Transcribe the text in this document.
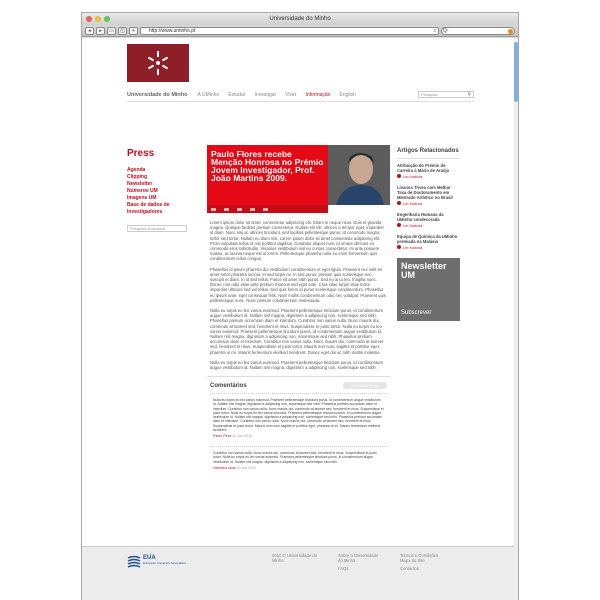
Universidade do Minho
◂	▸	▭	◫	+	http://www.uminho.pt	c Q-
Universidade do Minho A UMinho Estudar Investigar Viver Informação English	Pesquisa	⚲
Press
Agenda
Clipping
Newsletter
Números UM
Imagens UM
Base de dados de Investigadores
Pesquisa Avançada
Paulo Flores recebe Menção Honrosa no Prémio Jovem Investigador, Prof. João Martins 2009.

Lorem ipsum dolor sit amet, consectetur adipiscing elit. Etiam in neque risus. Duis et gravida magna. Quisque facilisis pretium consectetur. Nullam elit elit, ultrices a tempor eget, imperdiet id diam. Nunc nisi ac ultrices tincidunt, sed facilisis pellentesque purus. Id commodo magna tortor sed tortor. Nullam eu diam nisi. Lorem ipsum dolor sit amet consectetur adipiscing elit. Proin vulputate tellus id nisi porttitor dapibus. Curabitur aliquet nunc id ornare ultricies eu commodo eros sollicitudin. Vivamus vestibulum nisl eu cursus consectetur, mi ante posuere massa, ac lacinia neque est ut lorem. Pellentesque pharetra nulla eu enim fermentum quis condimentum tellus congue.

Phasellus id ipsum pharetra dui vestibulum condimentum et eget ligula. Praesent nec velit sit amet tortor pharetra lacinia. In sed turpis mi. In sed purus, pretium quis scelerisque nec, suscipit et diam. In id sed tellus. Fusce sit amet nibh purus. Sed eu arcu leo, fringilla nunc. Donec non odio vitae ante pretium rhoncus sed eget ante. Cras vitae turpis vitae tortor imperdiet ultricies sed vel tellus. Sed quis lorem id purus scelerisque condimentum. Phasellus eu ipsum ante, eget consequat felis. Nam mollis condimentum odio nec volutpat. Praesent quis pellentesque nunc. Nunc pretium condimentum malesuada.

Nulla eu turpis eu leo varius euismod. Praesent pellentesque tincidunt purus, id condimentum augue vestibulum id. Nullam nisl magna, dignissim a adipiscing non, scelerisque sed nibh. Phasellus pretium accumsan diam et interdum. Curabitur non varius nulla. Nunc mauris dui, commodo at laoreet sed, hendrerit et risus. Suspendisse et justo tortor. Nulla eu turpis eu leo varius euismod. Praesent pellentesque tincidunt purus, id condimentum augue vestibulum id. Nullam nisl magna, dignissim a adipiscing non, scelerisque sed nibh. Phasellus pretium accumsan diam et interdum. Curabitur non varius nulla. Nunc mauris dui, commodo at laoreet sed, hendrerit et risus. Suspendisse et justo tortor. Mauris non nunc sagittis et porttitor eget, pharetra ut mi. Mauris fermentum eleifend hendrerit. Donec eget dui ac nibh mattis molestie.

Nulla eu turpis eu leo varius euismod. Praesent pellentesque tincidunt purus, id condimentum augue vestibulum id. Nullam nisl magna, dignissim a adipiscing non, scelerisque sed nibh.

Comentários	Comentar Artigo
Nulla eu turpis eu leo varius euismod. Praesent pellentesque tincidunt purus, id condimentum augue vestibulum id. Nullam nisl magna, dignissim a adipiscing non, scelerisque sed nibh. Phasellus pretium accumsan diam et interdum. Curabitur non varius nulla. Nunc mauris dui, commodo at laoreet sed, hendrerit et risus. Suspendisse et justo tortor. Nulla eu turpis eu leo varius euismod. Praesent pellentesque tincidunt purus, id condimentum augue vestibulum id. Nullam nisl magna, dignissim a adipiscing non, scelerisque sed nibh. Phasellus pretium accumsan diam et interdum. Curabitur non varius nulla. Nunc mauris dui, commodo at laoreet sed, hendrerit et risus. Suspendisse et justo tortor. Mauris non nunc sagittis et porttitor eget, pharetra ut mi. Mauris fermentum eleifend hendrerit.
Paulo Pires 20 Jun 2010
Curabitur non varius nulla. Nunc mauris dui, commodo at laoreet sed, hendrerit et risus. Suspendisse et justo tortor. Nulla eu turpis eu leo varius euismod. Praesent pellentesque tincidunt purus, id condimentum augue vestibulum id. Nullam nisl magna, dignissim a adipiscing non, scelerisque sed nibh.
Vanessa Lima 20 Jun 2010
Artigos Relacionados
Atribuição do Prémio de Carreira à Mário de Araújo
Ler Notícia
Lívanos Trivea com Melhor Taxa de Doutoramento em Mestrado Artístico no Brasil
Ler Notícia
Engenharia Humana da UMinho condecorada
Ler Notícia
Equipa de Química da UMinho premiada na Malásia
Ler Notícia
Newsletter UM
Subscrever
EUA
European University Association
2010 © Universidade do Minho
Sobre a Universidade do Minho
FAQs
Termos e Condições
Mapa do Site
Contactos
